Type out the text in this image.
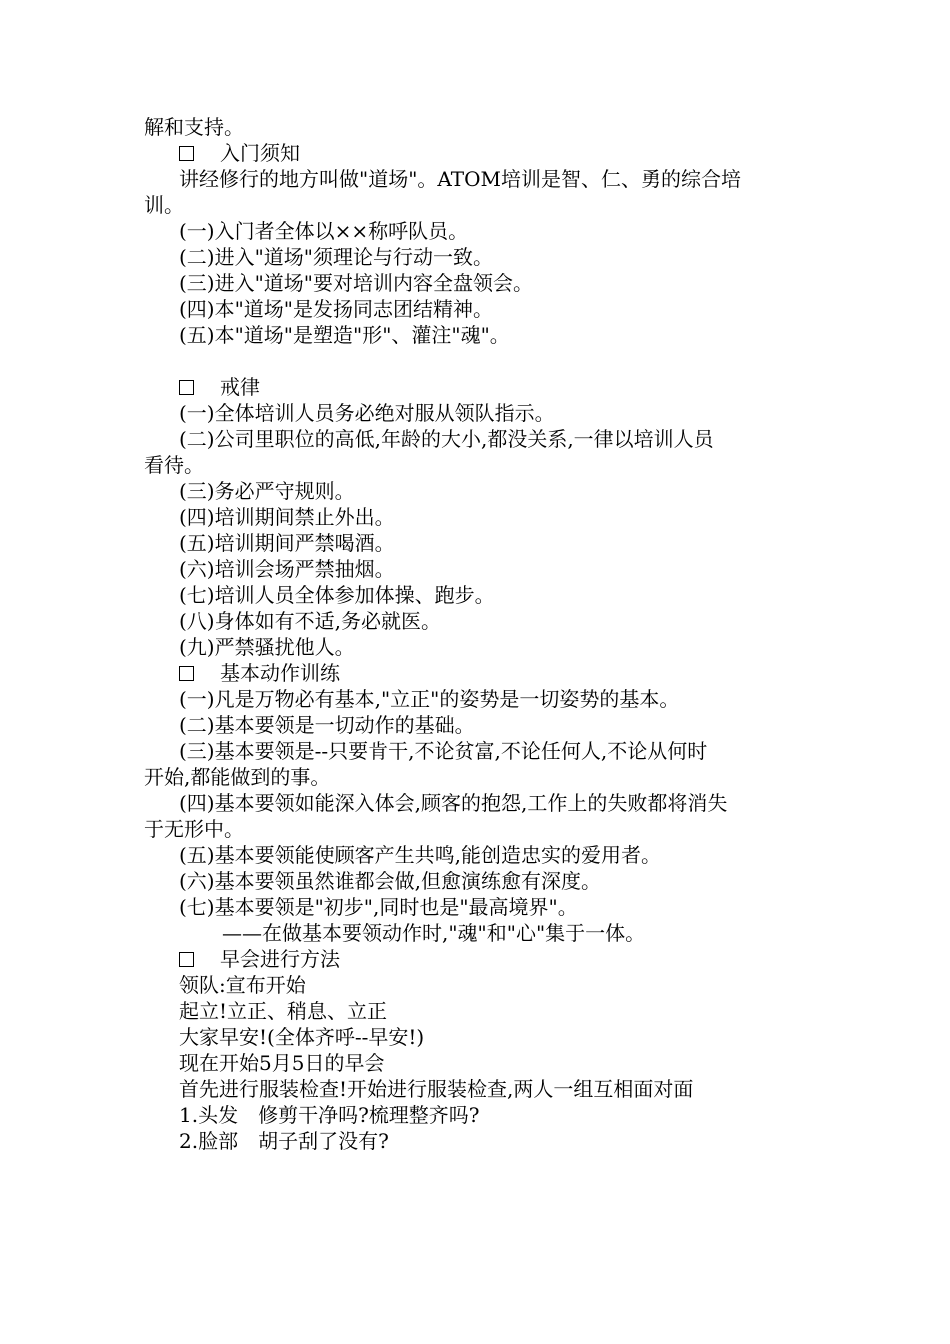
解和支持。
入门须知
讲经修行的地方叫做"道场"。ATOM培训是智、仁、勇的综合培
训。
(一)入门者全体以××称呼队员。
(二)进入"道场"须理论与行动一致。
(三)进入"道场"要对培训内容全盘领会。
(四)本"道场"是发扬同志团结精神。
(五)本"道场"是塑造"形"、灌注"魂"。
戒律
(一)全体培训人员务必绝对服从领队指示。
(二)公司里职位的高低,年龄的大小,都没关系,一律以培训人员
看待。
(三)务必严守规则。
(四)培训期间禁止外出。
(五)培训期间严禁喝酒。
(六)培训会场严禁抽烟。
(七)培训人员全体参加体操、跑步。
(八)身体如有不适,务必就医。
(九)严禁骚扰他人。
基本动作训练
(一)凡是万物必有基本,"立正"的姿势是一切姿势的基本。
(二)基本要领是一切动作的基础。
(三)基本要领是--只要肯干,不论贫富,不论任何人,不论从何时
开始,都能做到的事。
(四)基本要领如能深入体会,顾客的抱怨,工作上的失败都将消失
于无形中。
(五)基本要领能使顾客产生共鸣,能创造忠实的爱用者。
(六)基本要领虽然谁都会做,但愈演练愈有深度。
(七)基本要领是"初步",同时也是"最高境界"。
——在做基本要领动作时,"魂"和"心"集于一体。
早会进行方法
领队:宣布开始
起立!立正、稍息、立正
大家早安!(全体齐呼--早安!)
现在开始5月5日的早会
首先进行服装检查!开始进行服装检查,两人一组互相面对面
1.头发　修剪干净吗?梳理整齐吗?
2.脸部　胡子刮了没有?
